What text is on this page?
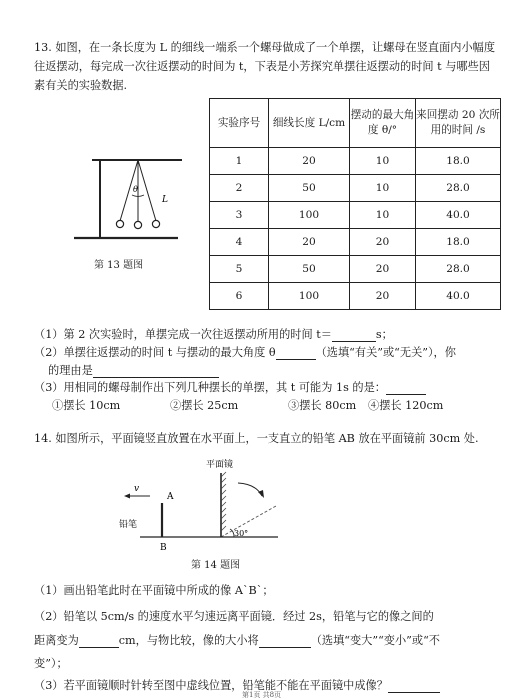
13. 如图，在一条长度为 L 的细线一端系一个螺母做成了一个单摆，让螺母在竖直面内小幅度往返摆动，每完成一次往返摆动的时间为 t，下表是小芳探究单摆往返摆动的时间 t 与哪些因素有关的实验数据.
θ
L
第 13 题图
实验序号	细线长度 L/cm	摆动的最大角度 θ/°	来回摆动 20 次所用的时间 /s
1	20	10	18.0
2	50	10	28.0
3	100	10	40.0
4	20	20	18.0
5	50	20	28.0
6	100	20	40.0
（1）第 2 次实验时，单摆完成一次往返摆动所用的时间 t＝	s；
（2）单摆往返摆动的时间 t 与摆动的最大角度 θ	（选填“有关”或“无关”），你
的理由是
（3）用相同的螺母制作出下列几种摆长的单摆，其 t 可能为 1s 的是：
①摆长 10cm	②摆长 25cm	③摆长 80cm ④摆长 120cm
14. 如图所示，平面镜竖直放置在水平面上，一支直立的铅笔 AB 放在平面镜前 30cm 处.
平面镜
30°
A
B
铅笔
v
第 14 题图
（1）画出铅笔此时在平面镜中所成的像 A`B`；
（2）铅笔以 5cm/s 的速度水平匀速远离平面镜．经过 2s，铅笔与它的像之间的
距离变为	cm，与物比较，像的大小将	（选填“变大”“变小”或“不
变”）；
（3）若平面镜顺时针转至图中虚线位置，铅笔能不能在平面镜中成像？
第1页 共8页
